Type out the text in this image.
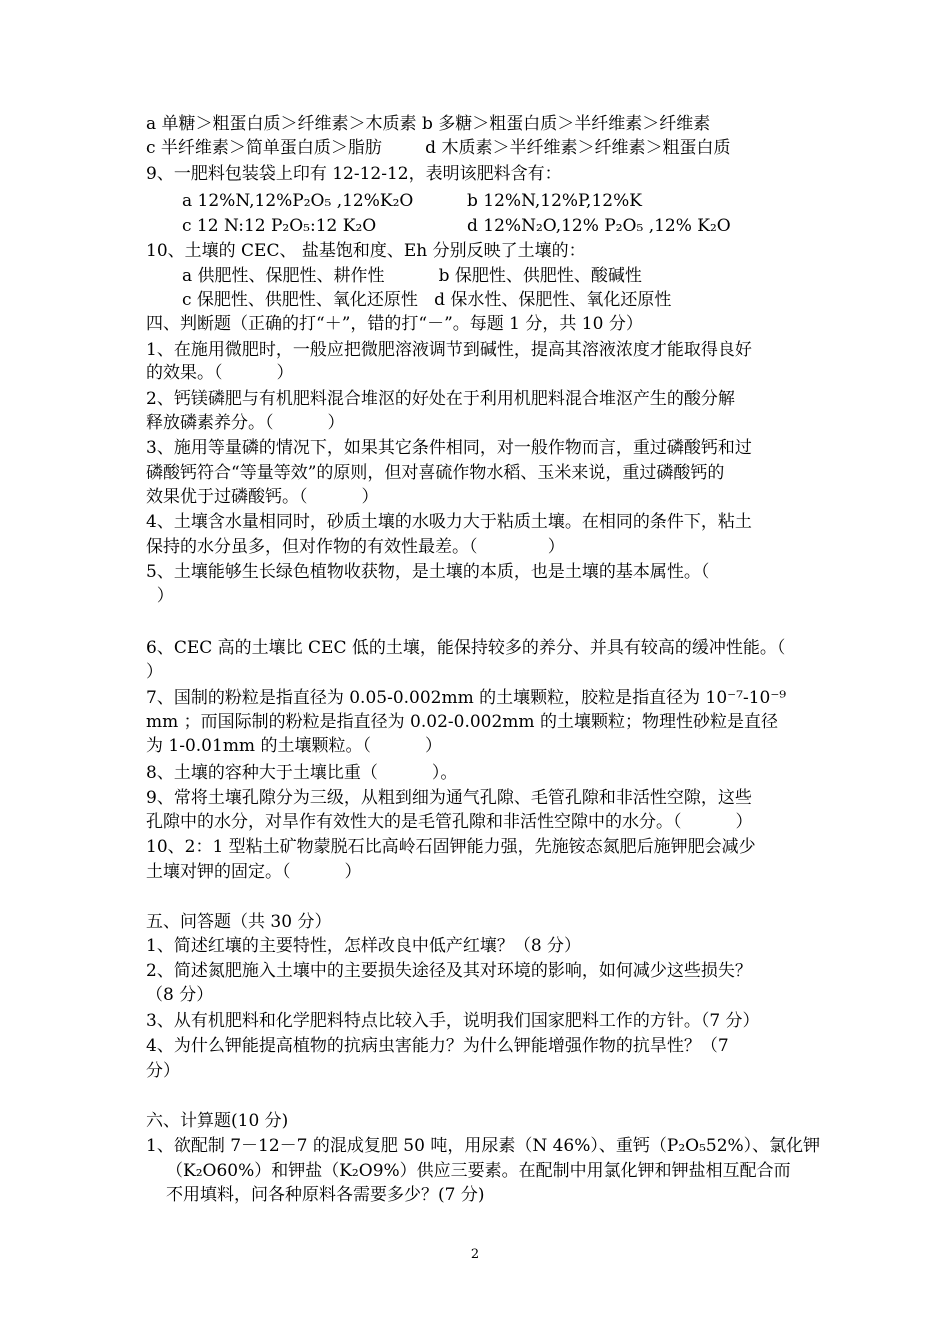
a 单糖＞粗蛋白质＞纤维素＞木质素 b 多糖＞粗蛋白质＞半纤维素＞纤维素
c 半纤维素＞简单蛋白质＞脂肪        d 木质素＞半纤维素＞纤维素＞粗蛋白质
9、一肥料包装袋上印有 12-12-12，表明该肥料含有：
a 12%N,12%P₂O₅ ,12%K₂O	b 12%N,12%P,12%K
c 12 N:12 P₂O₅:12 K₂O	d 12%N₂O,12% P₂O₅ ,12% K₂O
10、土壤的 CEC、 盐基饱和度、Eh 分别反映了土壤的：
a 供肥性、保肥性、耕作性          b 保肥性、供肥性、酸碱性
c 保肥性、供肥性、氧化还原性   d 保水性、保肥性、氧化还原性
四、判断题（正确的打“＋”，错的打“－”。每题 1 分，共 10 分）
1、在施用微肥时，一般应把微肥溶液调节到碱性，提高其溶液浓度才能取得良好
的效果。（          ）
2、钙镁磷肥与有机肥料混合堆沤的好处在于利用机肥料混合堆沤产生的酸分解
释放磷素养分。（          ）
3、施用等量磷的情况下，如果其它条件相同，对一般作物而言，重过磷酸钙和过
磷酸钙符合“等量等效”的原则，但对喜硫作物水稻、玉米来说，重过磷酸钙的
效果优于过磷酸钙。（          ）
4、土壤含水量相同时，砂质土壤的水吸力大于粘质土壤。在相同的条件下，粘土
保持的水分虽多，但对作物的有效性最差。（             ）
5、土壤能够生长绿色植物收获物，是土壤的本质，也是土壤的基本属性。（
）
6、CEC 高的土壤比 CEC 低的土壤，能保持较多的养分、并具有较高的缓冲性能。（
）
7、国制的粉粒是指直径为 0.05-0.002mm 的土壤颗粒，胶粒是指直径为 10⁻⁷-10⁻⁹
mm ；而国际制的粉粒是指直径为 0.02-0.002mm 的土壤颗粒；物理性砂粒是直径
为 1-0.01mm 的土壤颗粒。（          ）
8、土壤的容种大于土壤比重（          ）。
9、常将土壤孔隙分为三级，从粗到细为通气孔隙、毛管孔隙和非活性空隙，这些
孔隙中的水分，对旱作有效性大的是毛管孔隙和非活性空隙中的水分。（          ）
10、2：1 型粘土矿物蒙脱石比高岭石固钾能力强，先施铵态氮肥后施钾肥会减少
土壤对钾的固定。（          ）
五、问答题（共 30 分）
1、简述红壤的主要特性，怎样改良中低产红壤？（8 分）
2、简述氮肥施入土壤中的主要损失途径及其对环境的影响，如何减少这些损失？
（8 分）
3、从有机肥料和化学肥料特点比较入手，说明我们国家肥料工作的方针。（7 分）
4、为什么钾能提高植物的抗病虫害能力？为什么钾能增强作物的抗旱性？（7
分）
六、计算题(10 分)
1、欲配制 7－12－7 的混成复肥 50 吨，用尿素（N 46%）、重钙（P₂O₅52%）、氯化钾
（K₂O60%）和钾盐（K₂O9%）供应三要素。在配制中用氯化钾和钾盐相互配合而
不用填料，问各种原料各需要多少？(7 分)
2
